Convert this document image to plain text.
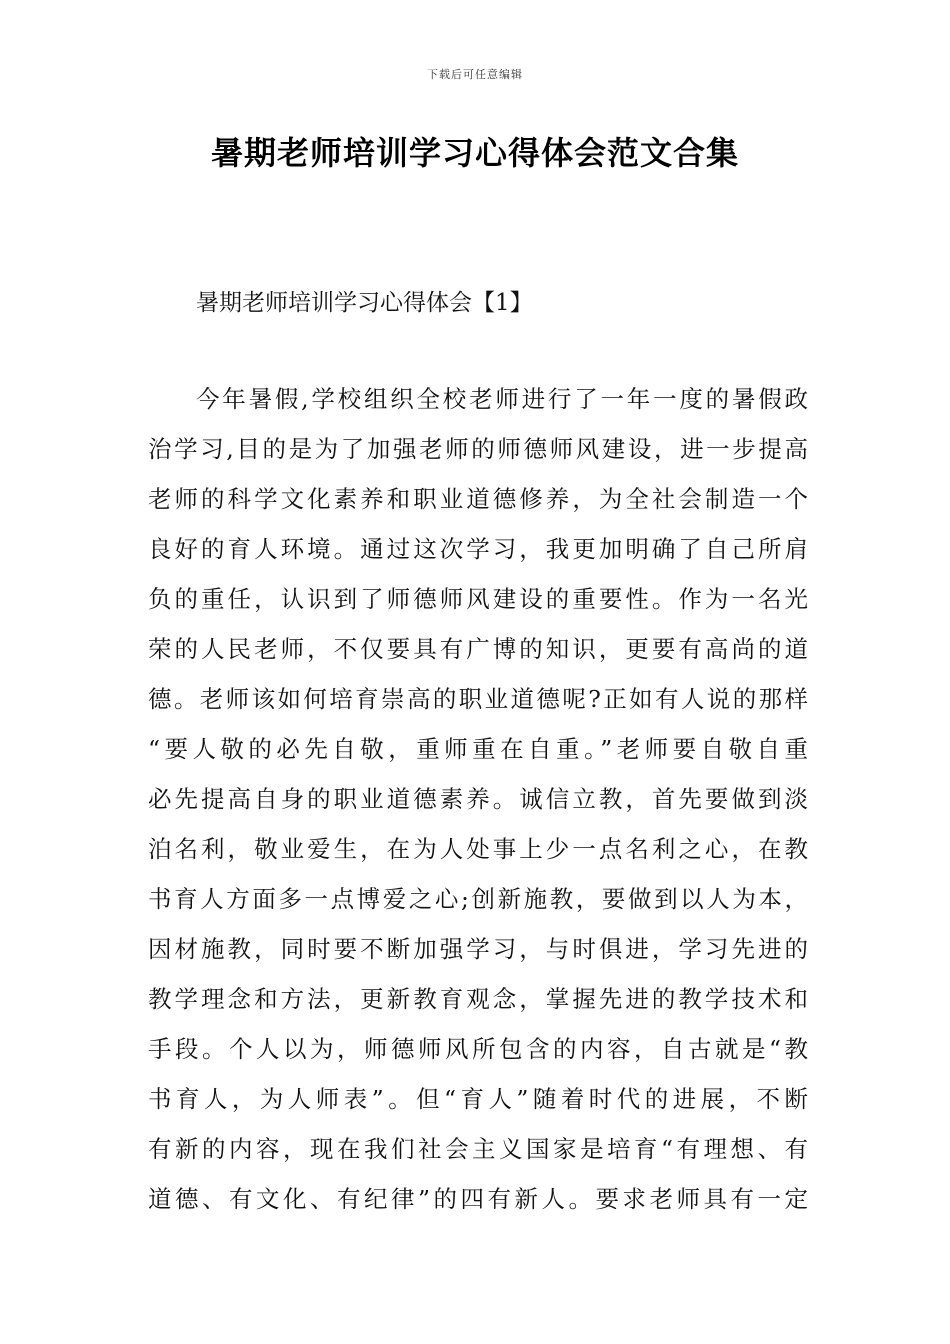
下载后可任意编辑
暑期老师培训学习心得体会范文合集
暑期老师培训学习心得体会【1】
今年暑假,学校组织全校老师进行了一年一度的暑假政
治学习,目的是为了加强老师的师德师风建设，进一步提高
老师的科学文化素养和职业道德修养，为全社会制造一个
良好的育人环境。通过这次学习，我更加明确了自己所肩
负的重任，认识到了师德师风建设的重要性。作为一名光
荣的人民老师，不仅要具有广博的知识，更要有高尚的道
德。老师该如何培育崇高的职业道德呢?正如有人说的那样
“要人敬的必先自敬，重师重在自重。”老师要自敬自重
必先提高自身的职业道德素养。诚信立教，首先要做到淡
泊名利，敬业爱生，在为人处事上少一点名利之心，在教
书育人方面多一点博爱之心;创新施教，要做到以人为本，
因材施教，同时要不断加强学习，与时俱进，学习先进的
教学理念和方法，更新教育观念，掌握先进的教学技术和
手段。个人以为，师德师风所包含的内容，自古就是“教
书育人，为人师表”。但“育人”随着时代的进展，不断
有新的内容，现在我们社会主义国家是培育“有理想、有
道德、有文化、有纪律”的四有新人。要求老师具有一定
